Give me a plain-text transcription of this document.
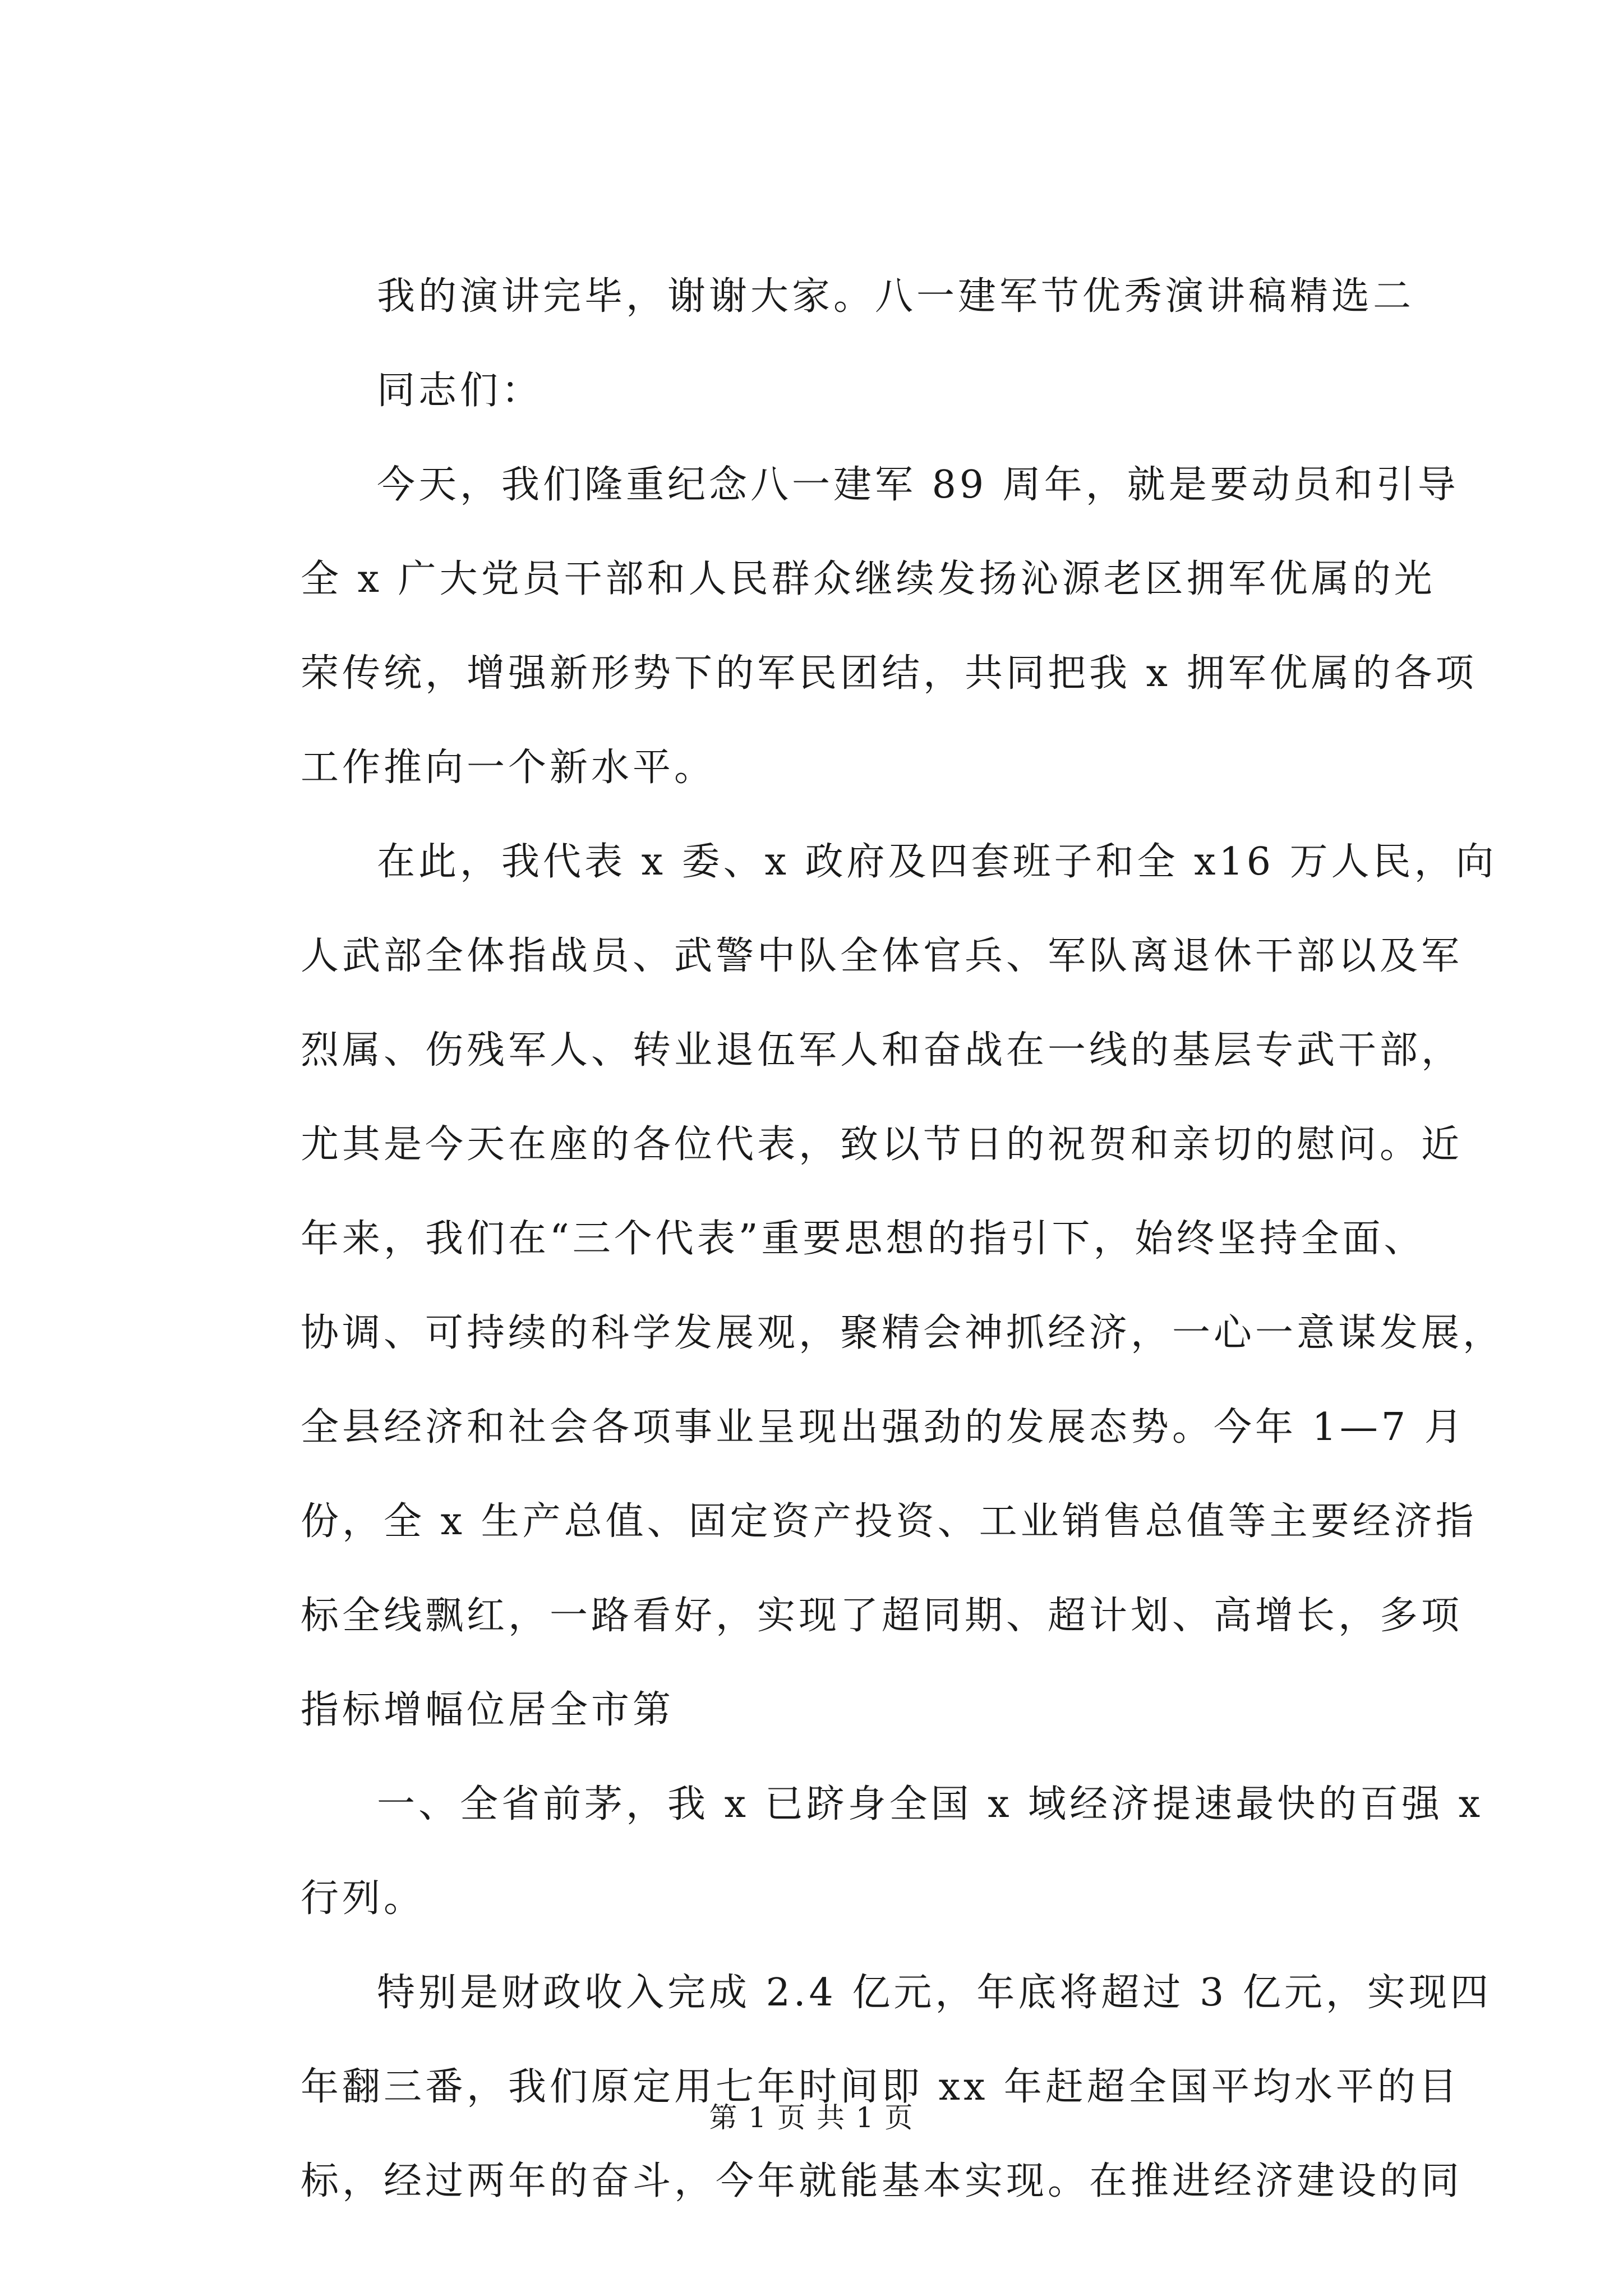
我的演讲完毕，谢谢大家。八一建军节优秀演讲稿精选二

同志们：

今天，我们隆重纪念八一建军 89 周年，就是要动员和引导

全 x 广大党员干部和人民群众继续发扬沁源老区拥军优属的光

荣传统，增强新形势下的军民团结，共同把我 x 拥军优属的各项

工作推向一个新水平。

在此，我代表 x 委、x 政府及四套班子和全 x16 万人民，向

人武部全体指战员、武警中队全体官兵、军队离退休干部以及军

烈属、伤残军人、转业退伍军人和奋战在一线的基层专武干部，

尤其是今天在座的各位代表，致以节日的祝贺和亲切的慰问。近

年来，我们在“三个代表”重要思想的指引下，始终坚持全面、

协调、可持续的科学发展观，聚精会神抓经济，一心一意谋发展，

全县经济和社会各项事业呈现出强劲的发展态势。今年 1—7 月

份，全 x 生产总值、固定资产投资、工业销售总值等主要经济指

标全线飘红，一路看好，实现了超同期、超计划、高增长，多项

指标增幅位居全市第

一、全省前茅，我 x 已跻身全国 x 域经济提速最快的百强 x

行列。

特别是财政收入完成 2.4 亿元，年底将超过 3 亿元，实现四

年翻三番，我们原定用七年时间即 xx 年赶超全国平均水平的目

标，经过两年的奋斗，今年就能基本实现。在推进经济建设的同

第 1 页 共 1 页
